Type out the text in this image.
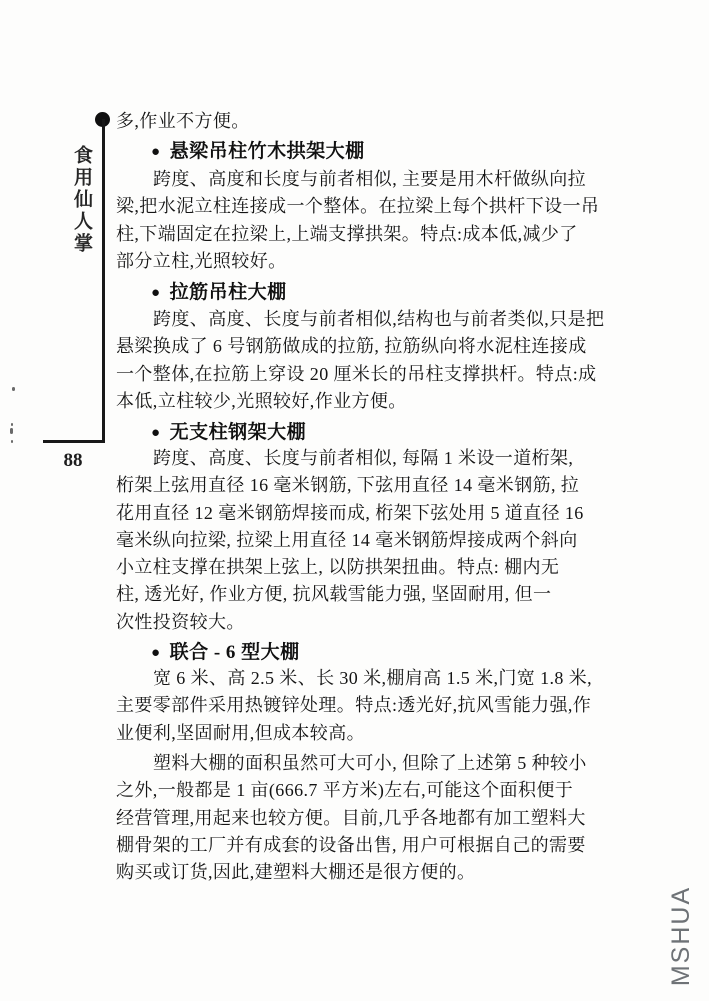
食用仙人掌
88
多,作业不方便。
● 悬梁吊柱竹木拱架大棚
跨度、高度和长度与前者相似, 主要是用木杆做纵向拉
梁,把水泥立柱连接成一个整体。在拉梁上每个拱杆下设一吊
柱,下端固定在拉梁上,上端支撑拱架。特点:成本低,减少了
部分立柱,光照较好。
● 拉筋吊柱大棚
跨度、高度、长度与前者相似,结构也与前者类似,只是把
悬梁换成了 6 号钢筋做成的拉筋, 拉筋纵向将水泥柱连接成
一个整体,在拉筋上穿设 20 厘米长的吊柱支撑拱杆。特点:成
本低,立柱较少,光照较好,作业方便。
● 无支柱钢架大棚
跨度、高度、长度与前者相似, 每隔 1 米设一道桁架,
桁架上弦用直径 16 毫米钢筋, 下弦用直径 14 毫米钢筋, 拉
花用直径 12 毫米钢筋焊接而成, 桁架下弦处用 5 道直径 16
毫米纵向拉梁, 拉梁上用直径 14 毫米钢筋焊接成两个斜向
小立柱支撑在拱架上弦上, 以防拱架扭曲。特点: 棚内无
柱, 透光好, 作业方便, 抗风载雪能力强, 坚固耐用, 但一
次性投资较大。
● 联合 - 6 型大棚
宽 6 米、高 2.5 米、长 30 米,棚肩高 1.5 米,门宽 1.8 米,
主要零部件采用热镀锌处理。特点:透光好,抗风雪能力强,作
业便利,坚固耐用,但成本较高。
塑料大棚的面积虽然可大可小, 但除了上述第 5 种较小
之外,一般都是 1 亩(666.7 平方米)左右,可能这个面积便于
经营管理,用起来也较方便。目前,几乎各地都有加工塑料大
棚骨架的工厂并有成套的设备出售, 用户可根据自己的需要
购买或订货,因此,建塑料大棚还是很方便的。
MSHUA
